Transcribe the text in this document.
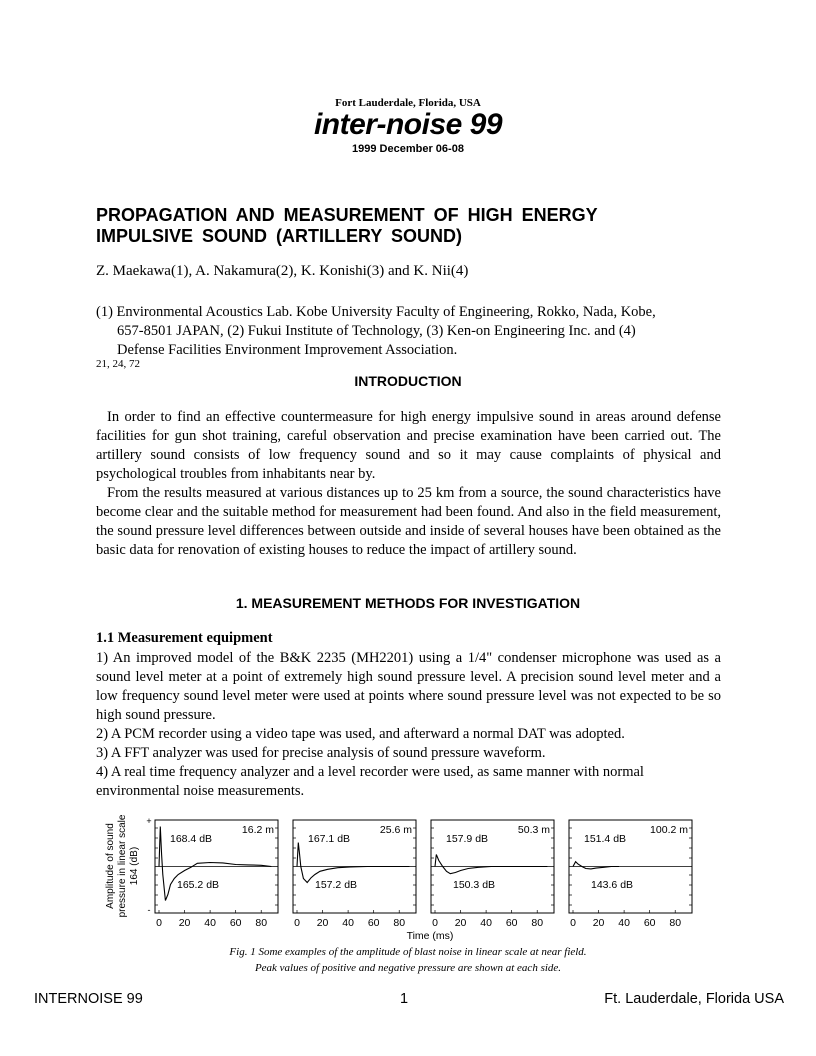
Fort Lauderdale, Florida, USA
inter-noise 99
1999 December 06-08
PROPAGATION AND MEASUREMENT OF HIGH ENERGY
IMPULSIVE SOUND (ARTILLERY SOUND)
Z. Maekawa(1), A. Nakamura(2), K. Konishi(3) and K. Nii(4)
(1) Environmental Acoustics Lab. Kobe University Faculty of Engineering, Rokko, Nada, Kobe,
657-8501 JAPAN, (2) Fukui Institute of Technology, (3) Ken-on Engineering Inc. and (4)
Defense Facilities Environment Improvement Association.
21, 24, 72
INTRODUCTION

In order to find an effective countermeasure for high energy impulsive sound in areas around defense facilities for gun shot training, careful observation and precise examination have been carried out. The artillery sound consists of low frequency sound and so it may cause complaints of physical and psychological troubles from inhabitants near by.

From the results measured at various distances up to 25 km from a source, the sound characteristics have become clear and the suitable method for measurement had been found. And also in the field measurement, the sound pressure level differences between outside and inside of several houses have been obtained as the basic data for renovation of existing houses to reduce the impact of artillery sound.

1. MEASUREMENT METHODS FOR INVESTIGATION
1.1 Measurement equipment

1) An improved model of the B&K 2235 (MH2201) using a 1/4" condenser microphone was used as a sound level meter at a point of extremely high sound pressure level. A precision sound level meter and a low frequency sound level meter were used at points where sound pressure level was not expected to be so high sound pressure.

2) A PCM recorder using a video tape was used, and afterward a normal DAT was adopted.

3) A FFT analyzer was used for precise analysis of sound pressure waveform.

4) A real time frequency analyzer and a level recorder were used, as same manner with normal environmental noise measurements.

Amplitude of sound pressure in linear scale 164 (dB)
+
-
0 20 40 60 80
16.2 m
168.4 dB
165.2 dB
0 20 40 60 80
25.6 m
167.1 dB
157.2 dB
0 20 40 60 80
50.3 m
157.9 dB
150.3 dB
0 20 40 60 80
100.2 m
151.4 dB
143.6 dB
Time (ms)
Fig. 1 Some examples of the amplitude of blast noise in linear scale at near field.
Peak values of positive and negative pressure are shown at each side.
INTERNOISE 99	1	Ft. Lauderdale, Florida USA
